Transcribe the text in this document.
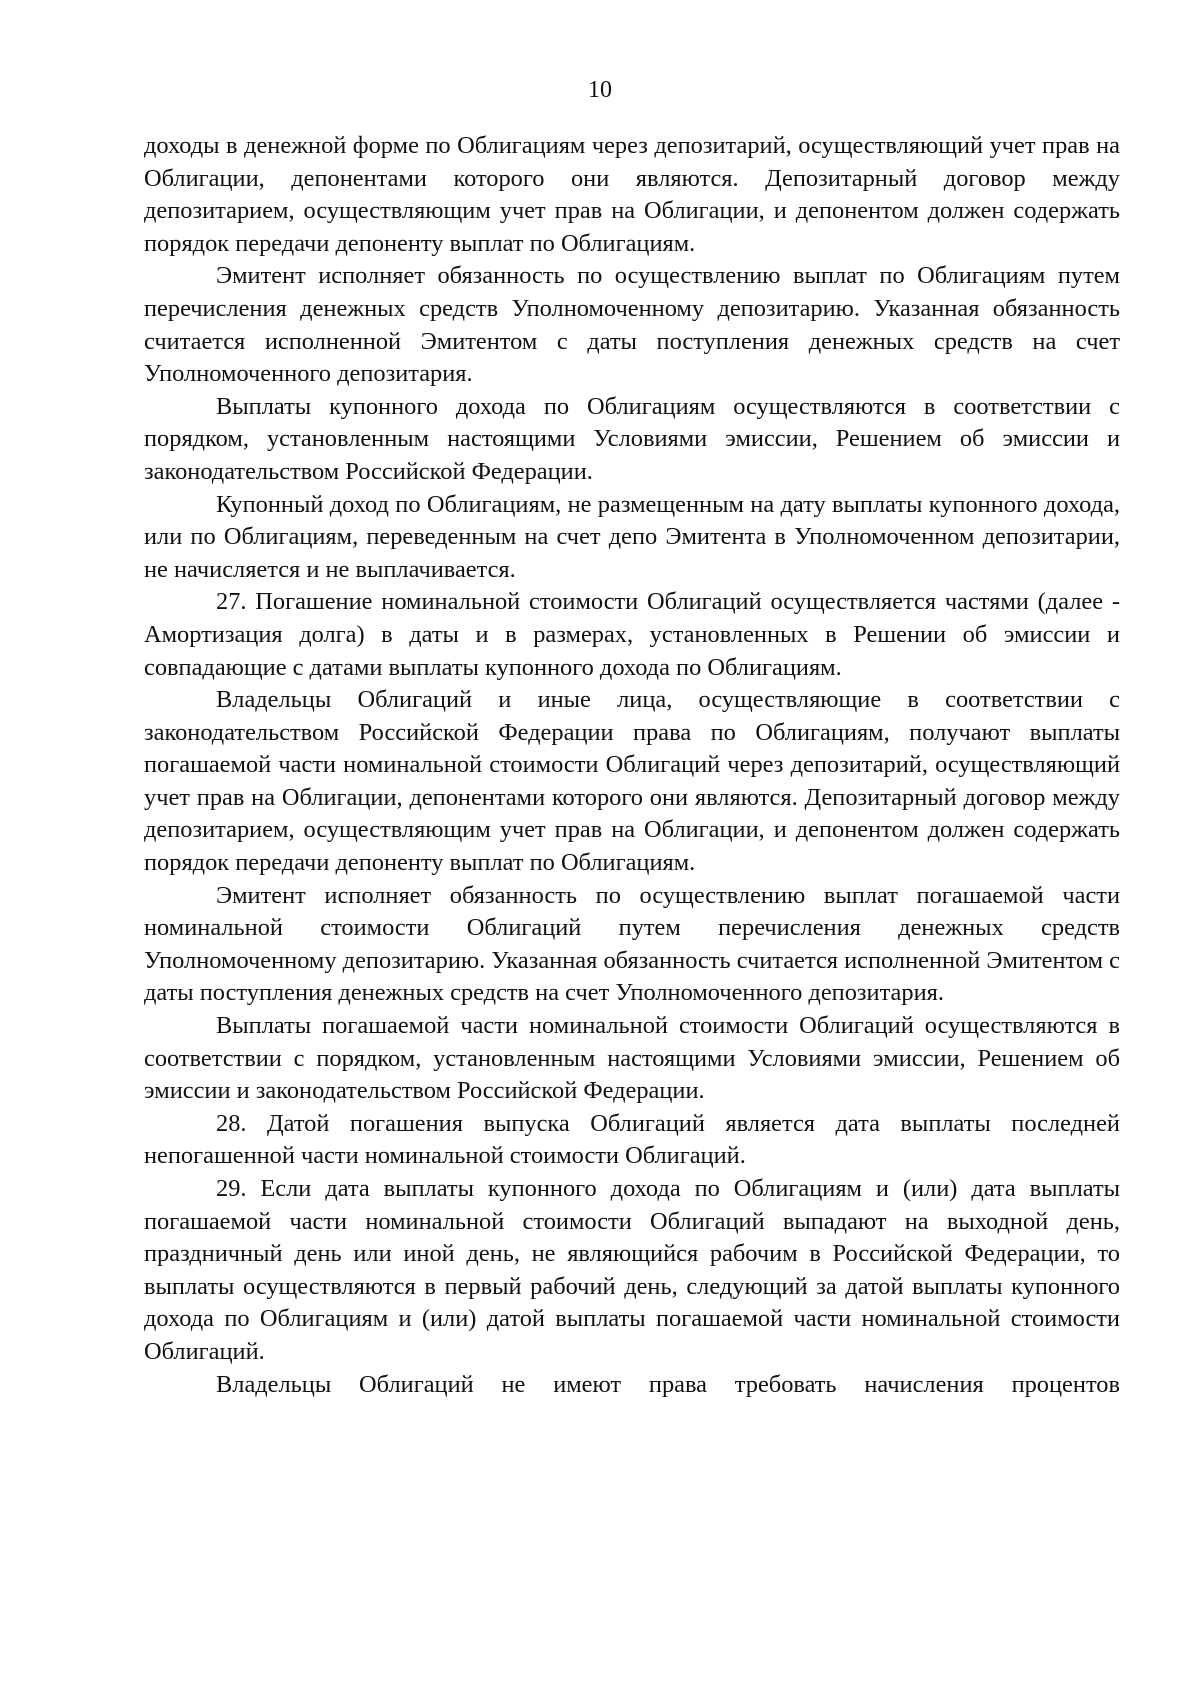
10

доходы в денежной форме по Облигациям через депозитарий, осуществляющий учет прав на Облигации, депонентами которого они являются. Депозитарный договор между депозитарием, осуществляющим учет прав на Облигации, и депонентом должен содержать порядок передачи депоненту выплат по Облигациям.

Эмитент исполняет обязанность по осуществлению выплат по Облигациям путем перечисления денежных средств Уполномоченному депозитарию. Указанная обязанность считается исполненной Эмитентом с даты поступления денежных средств на счет Уполномоченного депозитария.

Выплаты купонного дохода по Облигациям осуществляются в соответствии с порядком, установленным настоящими Условиями эмиссии, Решением об эмиссии и законодательством Российской Федерации.

Купонный доход по Облигациям, не размещенным на дату выплаты купонного дохода, или по Облигациям, переведенным на счет депо Эмитента в Уполномоченном депозитарии, не начисляется и не выплачивается.

27. Погашение номинальной стоимости Облигаций осуществляется частями (далее - Амортизация долга) в даты и в размерах, установленных в Решении об эмиссии и совпадающие с датами выплаты купонного дохода по Облигациям.

Владельцы Облигаций и иные лица, осуществляющие в соответствии с законодательством Российской Федерации права по Облигациям, получают выплаты погашаемой части номинальной стоимости Облигаций через депозитарий, осуществляющий учет прав на Облигации, депонентами которого они являются. Депозитарный договор между депозитарием, осуществляющим учет прав на Облигации, и депонентом должен содержать порядок передачи депоненту выплат по Облигациям.

Эмитент исполняет обязанность по осуществлению выплат погашаемой части номинальной стоимости Облигаций путем перечисления денежных средств Уполномоченному депозитарию. Указанная обязанность считается исполненной Эмитентом с даты поступления денежных средств на счет Уполномоченного депозитария.

Выплаты погашаемой части номинальной стоимости Облигаций осуществляются в соответствии с порядком, установленным настоящими Условиями эмиссии, Решением об эмиссии и законодательством Российской Федерации.

28. Датой погашения выпуска Облигаций является дата выплаты последней непогашенной части номинальной стоимости Облигаций.

29. Если дата выплаты купонного дохода по Облигациям и (или) дата выплаты погашаемой части номинальной стоимости Облигаций выпадают на выходной день, праздничный день или иной день, не являющийся рабочим в Российской Федерации, то выплаты осуществляются в первый рабочий день, следующий за датой выплаты купонного дохода по Облигациям и (или) датой выплаты погашаемой части номинальной стоимости Облигаций.

Владельцы Облигаций не имеют права требовать начисления процентов
